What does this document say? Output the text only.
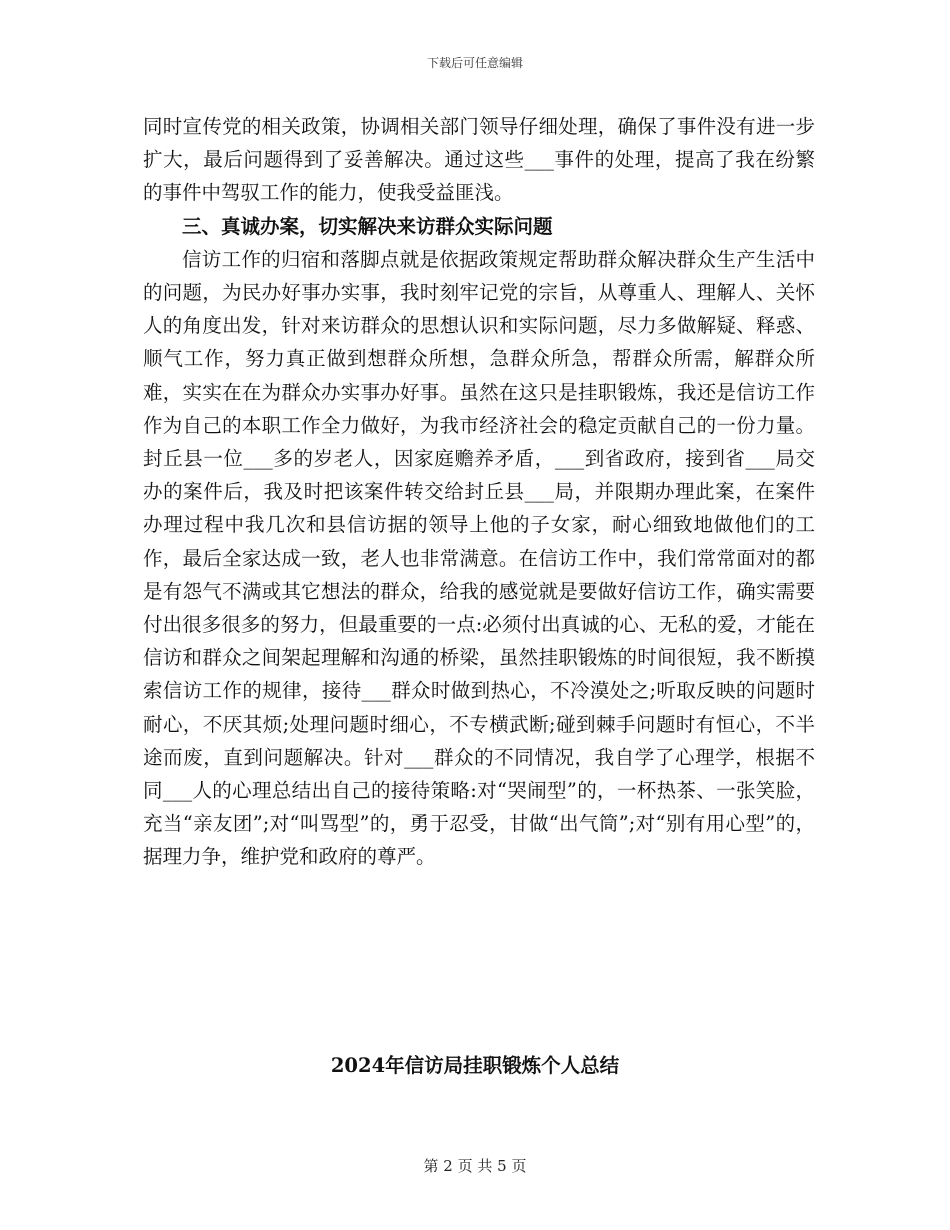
下载后可任意编辑

同时宣传党的相关政策，协调相关部门领导仔细处理，确保了事件没有进一步扩大，最后问题得到了妥善解决。通过这些___事件的处理，提高了我在纷繁的事件中驾驭工作的能力，使我受益匪浅。

三、真诚办案，切实解决来访群众实际问题

信访工作的归宿和落脚点就是依据政策规定帮助群众解决群众生产生活中的问题，为民办好事办实事，我时刻牢记党的宗旨，从尊重人、理解人、关怀人的角度出发，针对来访群众的思想认识和实际问题，尽力多做解疑、释惑、顺气工作，努力真正做到想群众所想，急群众所急，帮群众所需，解群众所难，实实在在为群众办实事办好事。虽然在这只是挂职锻炼，我还是信访工作作为自己的本职工作全力做好，为我市经济社会的稳定贡献自己的一份力量。封丘县一位___多的岁老人，因家庭赡养矛盾，___到省政府，接到省___局交办的案件后，我及时把该案件转交给封丘县___局，并限期办理此案，在案件办理过程中我几次和县信访据的领导上他的子女家，耐心细致地做他们的工作，最后全家达成一致，老人也非常满意。在信访工作中，我们常常面对的都是有怨气不满或其它想法的群众，给我的感觉就是要做好信访工作，确实需要付出很多很多的努力，但最重要的一点:必须付出真诚的心、无私的爱，才能在信访和群众之间架起理解和沟通的桥梁，虽然挂职锻炼的时间很短，我不断摸索信访工作的规律，接待___群众时做到热心，不冷漠处之;听取反映的问题时耐心，不厌其烦;处理问题时细心，不专横武断;碰到棘手问题时有恒心，不半途而废，直到问题解决。针对___群众的不同情况，我自学了心理学，根据不同___人的心理总结出自己的接待策略:对“哭闹型”的，一杯热茶、一张笑脸，充当“亲友团”;对“叫骂型”的，勇于忍受，甘做“出气筒”;对“别有用心型”的，据理力争，维护党和政府的尊严。

2024年信访局挂职锻炼个人总结
第 2 页 共 5 页
